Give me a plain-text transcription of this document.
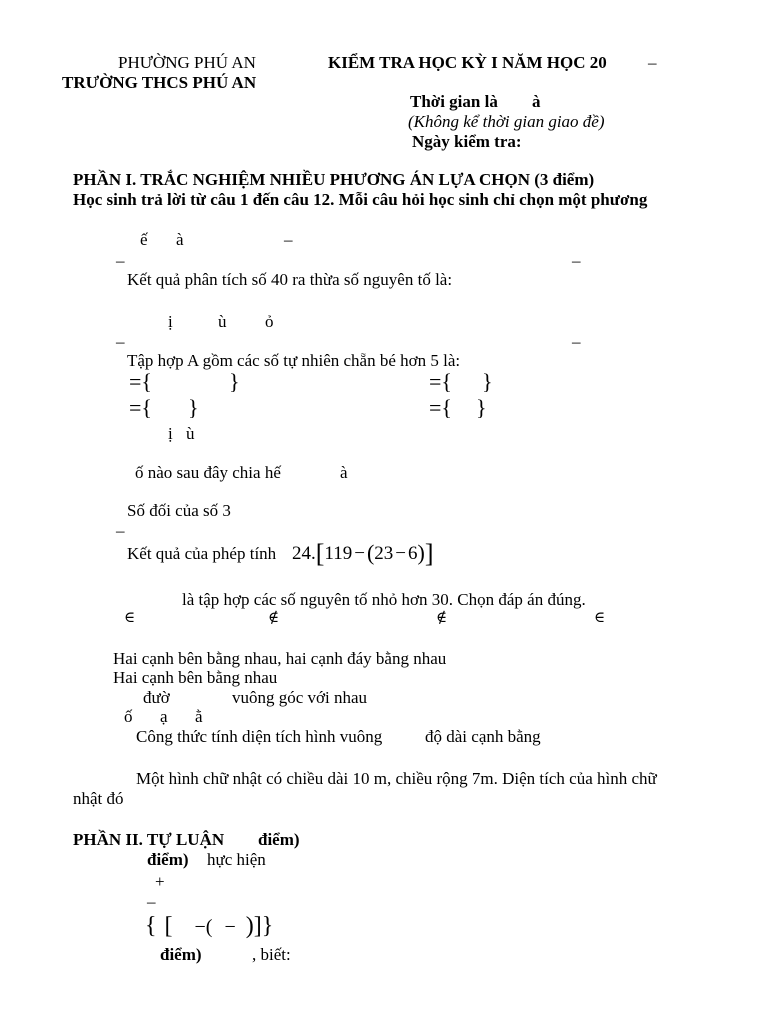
PHƯỜNG PHÚ AN	KIỂM TRA HỌC KỲ I NĂM HỌC 20 –
TRƯỜNG THCS PHÚ AN
Thời gian là à
(Không kể thời gian giao đề)
Ngày kiểm tra:
PHẦN I. TRẮC NGHIỆM NHIỀU PHƯƠNG ÁN LỰA CHỌN (3 điểm)
Học sinh trả lời từ câu 1 đến câu 12. Mỗi câu hỏi học sinh chỉ chọn một phương
ế à	–
–	–
Kết quả phân tích số 40 ra thừa số nguyên tố là:
ị	ù ỏ
–	–
Tập hợp A gồm các số tự nhiên chẵn bé hơn 5 là:
={	}	={ }
={ }	={ }
ị ù
ố nào sau đây chia hế	à
Số đối của số 3
–
Kết quả của phép tính 24.[119 −(23 − 6)]
là tập hợp các số nguyên tố nhỏ hơn 30. Chọn đáp án đúng.
∈	∉	∉	∈
Hai cạnh bên bằng nhau, hai cạnh đáy bằng nhau
Hai cạnh bên bằng nhau
đườ	vuông góc với nhau
ố ạ ằ
Công thức tính diện tích hình vuông	độ dài cạnh bằng
Một hình chữ nhật có chiều dài 10 m, chiều rộng 7m. Diện tích của hình chữ
nhật đó
PHẦN II. TỰ LUẬN điểm)
điểm) hực hiện
+
–
{ [ −( − )]}
điểm)	, biết:
